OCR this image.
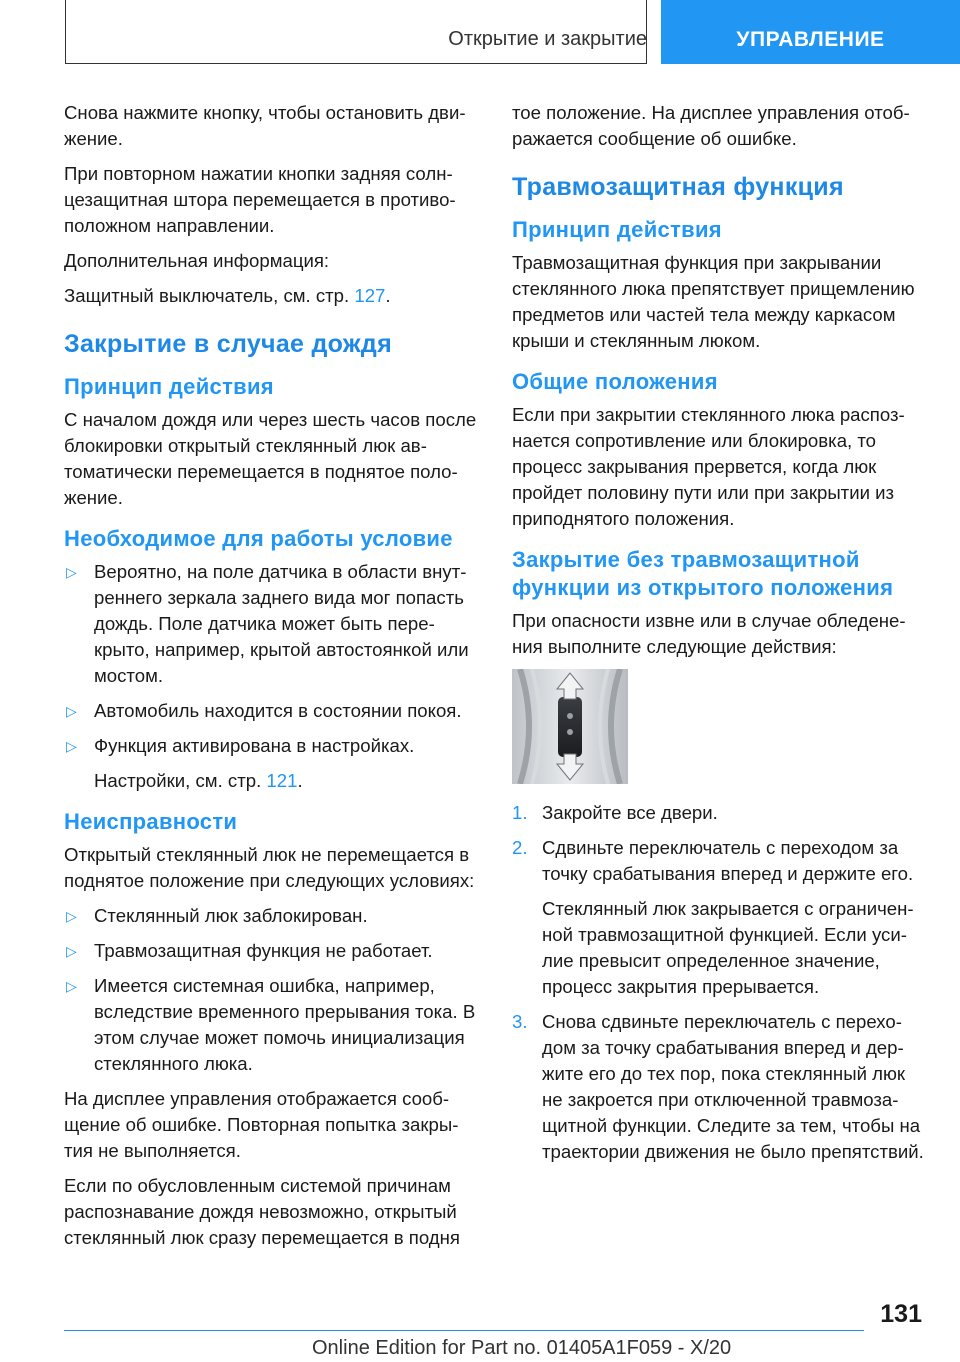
Открытие и закрытие	УПРАВЛЕНИЕ

Снова нажмите кнопку, чтобы остановить движение.

При повторном нажатии кнопки задняя солнцезащитная штора перемещается в противоположном направлении.

Дополнительная информация:

Защитный выключатель, см. стр. 127.

Закрытие в случае дождя
Принцип действия

С началом дождя или через шесть часов после блокировки открытый стеклянный люк автоматически перемещается в поднятое положение.

Необходимое для работы условие
▷ Вероятно, на поле датчика в области внутреннего зеркала заднего вида мог попасть дождь. Поле датчика может быть перекрыто, например, крытой автостоянкой или мостом.
▷ Автомобиль находится в состоянии покоя.
▷ Функция активирована в настройках.

Настройки, см. стр. 121.

Неисправности

Открытый стеклянный люк не перемещается в поднятое положение при следующих условиях:

▷ Стеклянный люк заблокирован.
▷ Травмозащитная функция не работает.
▷ Имеется системная ошибка, например, вследствие временного прерывания тока. В этом случае может помочь инициализация стеклянного люка.

На дисплее управления отображается сообщение об ошибке. Повторная попытка закрытия не выполняется.

Если по обусловленным системой причинам распознавание дождя невозможно, открытый стеклянный люк сразу перемещается в подня

тое положение. На дисплее управления отображается сообщение об ошибке.

Травмозащитная функция
Принцип действия

Травмозащитная функция при закрывании стеклянного люка препятствует прищемлению предметов или частей тела между каркасом крыши и стеклянным люком.

Общие положения

Если при закрытии стеклянного люка распознается сопротивление или блокировка, то процесс закрывания прервется, когда люк пройдет половину пути или при закрытии из приподнятого положения.

Закрытие без травмозащитной функции из открытого положения

При опасности извне или в случае обледенения выполните следующие действия:

1. Закройте все двери.
2. Сдвиньте переключатель с переходом за точку срабатывания вперед и держите его.

Стеклянный люк закрывается с ограниченной травмозащитной функцией. Если усилие превысит определенное значение, процесс закрытия прерывается.

3. Снова сдвиньте переключатель с переходом за точку срабатывания вперед и держите его до тех пор, пока стеклянный люк не закроется при отключенной травмозащитной функции. Следите за тем, чтобы на траектории движения не было препятствий.
131
Online Edition for Part no. 01405A1F059 - X/20
